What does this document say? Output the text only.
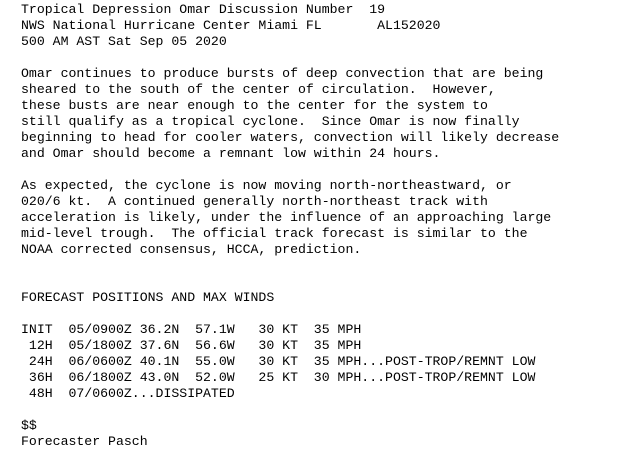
Tropical Depression Omar Discussion Number  19
NWS National Hurricane Center Miami FL       AL152020
500 AM AST Sat Sep 05 2020
Omar continues to produce bursts of deep convection that are being
sheared to the south of the center of circulation.  However,
these busts are near enough to the center for the system to
still qualify as a tropical cyclone.  Since Omar is now finally
beginning to head for cooler waters, convection will likely decrease
and Omar should become a remnant low within 24 hours.
As expected, the cyclone is now moving north-northeastward, or
020/6 kt.  A continued generally north-northeast track with
acceleration is likely, under the influence of an approaching large
mid-level trough.  The official track forecast is similar to the
NOAA corrected consensus, HCCA, prediction.
FORECAST POSITIONS AND MAX WINDS
INIT  05/0900Z 36.2N  57.1W   30 KT  35 MPH
12H  05/1800Z 37.6N  56.6W   30 KT  35 MPH
24H  06/0600Z 40.1N  55.0W   30 KT  35 MPH...POST-TROP/REMNT LOW
36H  06/1800Z 43.0N  52.0W   25 KT  30 MPH...POST-TROP/REMNT LOW
48H  07/0600Z...DISSIPATED
$$
Forecaster Pasch
